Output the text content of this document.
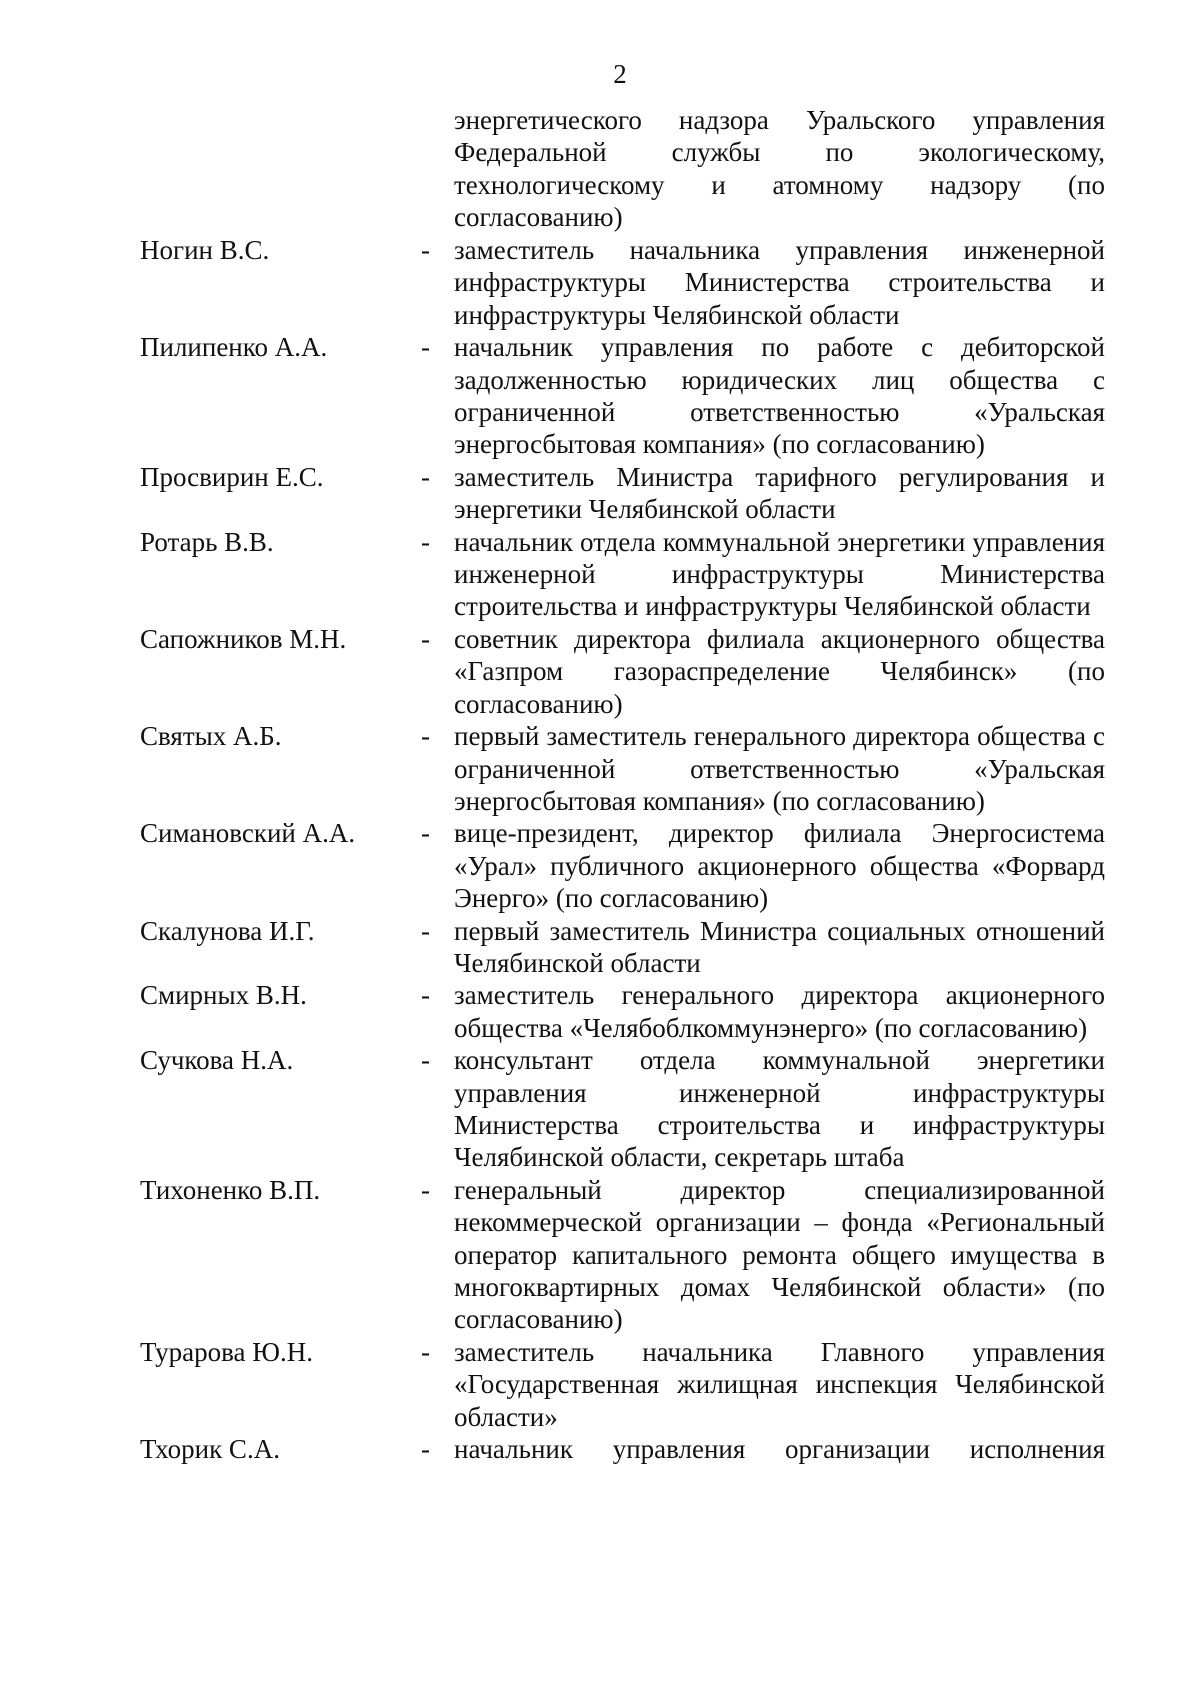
2
энергетического надзора Уральского управления Федеральной службы по экологическому, технологическому и атомному надзору (по согласованию)
Ногин В.С.	- заместитель начальника управления инженерной инфраструктуры Министерства строительства и инфраструктуры Челябинской области
Пилипенко А.А.	- начальник управления по работе с дебиторской задолженностью юридических лиц общества с ограниченной ответственностью «Уральская энергосбытовая компания» (по согласованию)
Просвирин Е.С.	- заместитель Министра тарифного регулирования и энергетики Челябинской области
Ротарь В.В.	- начальник отдела коммунальной энергетики управления инженерной инфраструктуры Министерства строительства и инфраструктуры Челябинской области
Сапожников М.Н.	- советник директора филиала акционерного общества «Газпром газораспределение Челябинск» (по согласованию)
Святых А.Б.	- первый заместитель генерального директора общества с ограниченной ответственностью «Уральская энергосбытовая компания» (по согласованию)
Симановский А.А. - вице-президент, директор филиала Энергосистема «Урал» публичного акционерного общества «Форвард Энерго» (по согласованию)
Скалунова И.Г.	- первый заместитель Министра социальных отношений Челябинской области
Смирных В.Н.	- заместитель генерального директора акционерного общества «Челябоблкоммунэнерго» (по согласованию)
Сучкова Н.А.	- консультант отдела коммунальной энергетики управления инженерной инфраструктуры Министерства строительства и инфраструктуры Челябинской области, секретарь штаба
Тихоненко В.П.	- генеральный директор специализированной некоммерческой организации – фонда «Региональный оператор капитального ремонта общего имущества в многоквартирных домах Челябинской области» (по согласованию)
Турарова Ю.Н.	- заместитель начальника Главного управления «Государственная жилищная инспекция Челябинской области»
Тхорик С.А.	- начальник управления организации исполнения
